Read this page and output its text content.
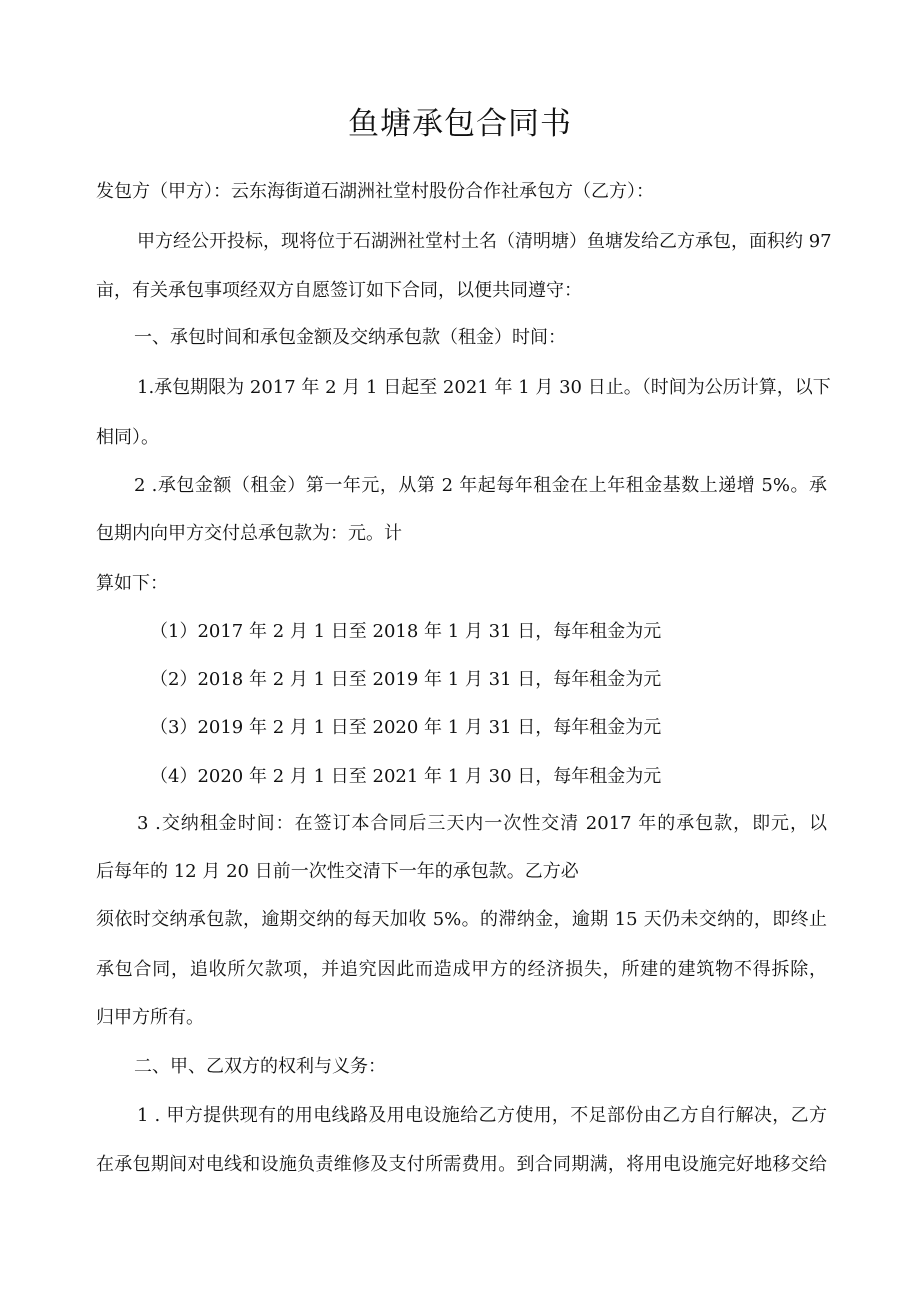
鱼塘承包合同书
发包方（甲方）：云东海街道石湖洲社堂村股份合作社承包方（乙方）：
甲方经公开投标，现将位于石湖洲社堂村土名（清明塘）鱼塘发给乙方承包，面积约 97
亩，有关承包事项经双方自愿签订如下合同，以便共同遵守：
一、承包时间和承包金额及交纳承包款（租金）时间：
1.承包期限为 2017 年 2 月 1 日起至 2021 年 1 月 30 日止。（时间为公历计算，以下
相同）。
2 .承包金额（租金）第一年元，从第 2 年起每年租金在上年租金基数上递增 5%。承
包期内向甲方交付总承包款为：元。计
算如下：
（1）2017 年 2 月 1 日至 2018 年 1 月 31 日，每年租金为元
（2）2018 年 2 月 1 日至 2019 年 1 月 31 日，每年租金为元
（3）2019 年 2 月 1 日至 2020 年 1 月 31 日，每年租金为元
（4）2020 年 2 月 1 日至 2021 年 1 月 30 日，每年租金为元
3 .交纳租金时间：在签订本合同后三天内一次性交清 2017 年的承包款，即元，以
后每年的 12 月 20 日前一次性交清下一年的承包款。乙方必
须依时交纳承包款，逾期交纳的每天加收 5%。的滞纳金，逾期 15 天仍未交纳的，即终止
承包合同，追收所欠款项，并追究因此而造成甲方的经济损失，所建的建筑物不得拆除，
归甲方所有。
二、甲、乙双方的权利与义务：
1 . 甲方提供现有的用电线路及用电设施给乙方使用，不足部份由乙方自行解决，乙方
在承包期间对电线和设施负责维修及支付所需费用。到合同期满，将用电设施完好地移交给
